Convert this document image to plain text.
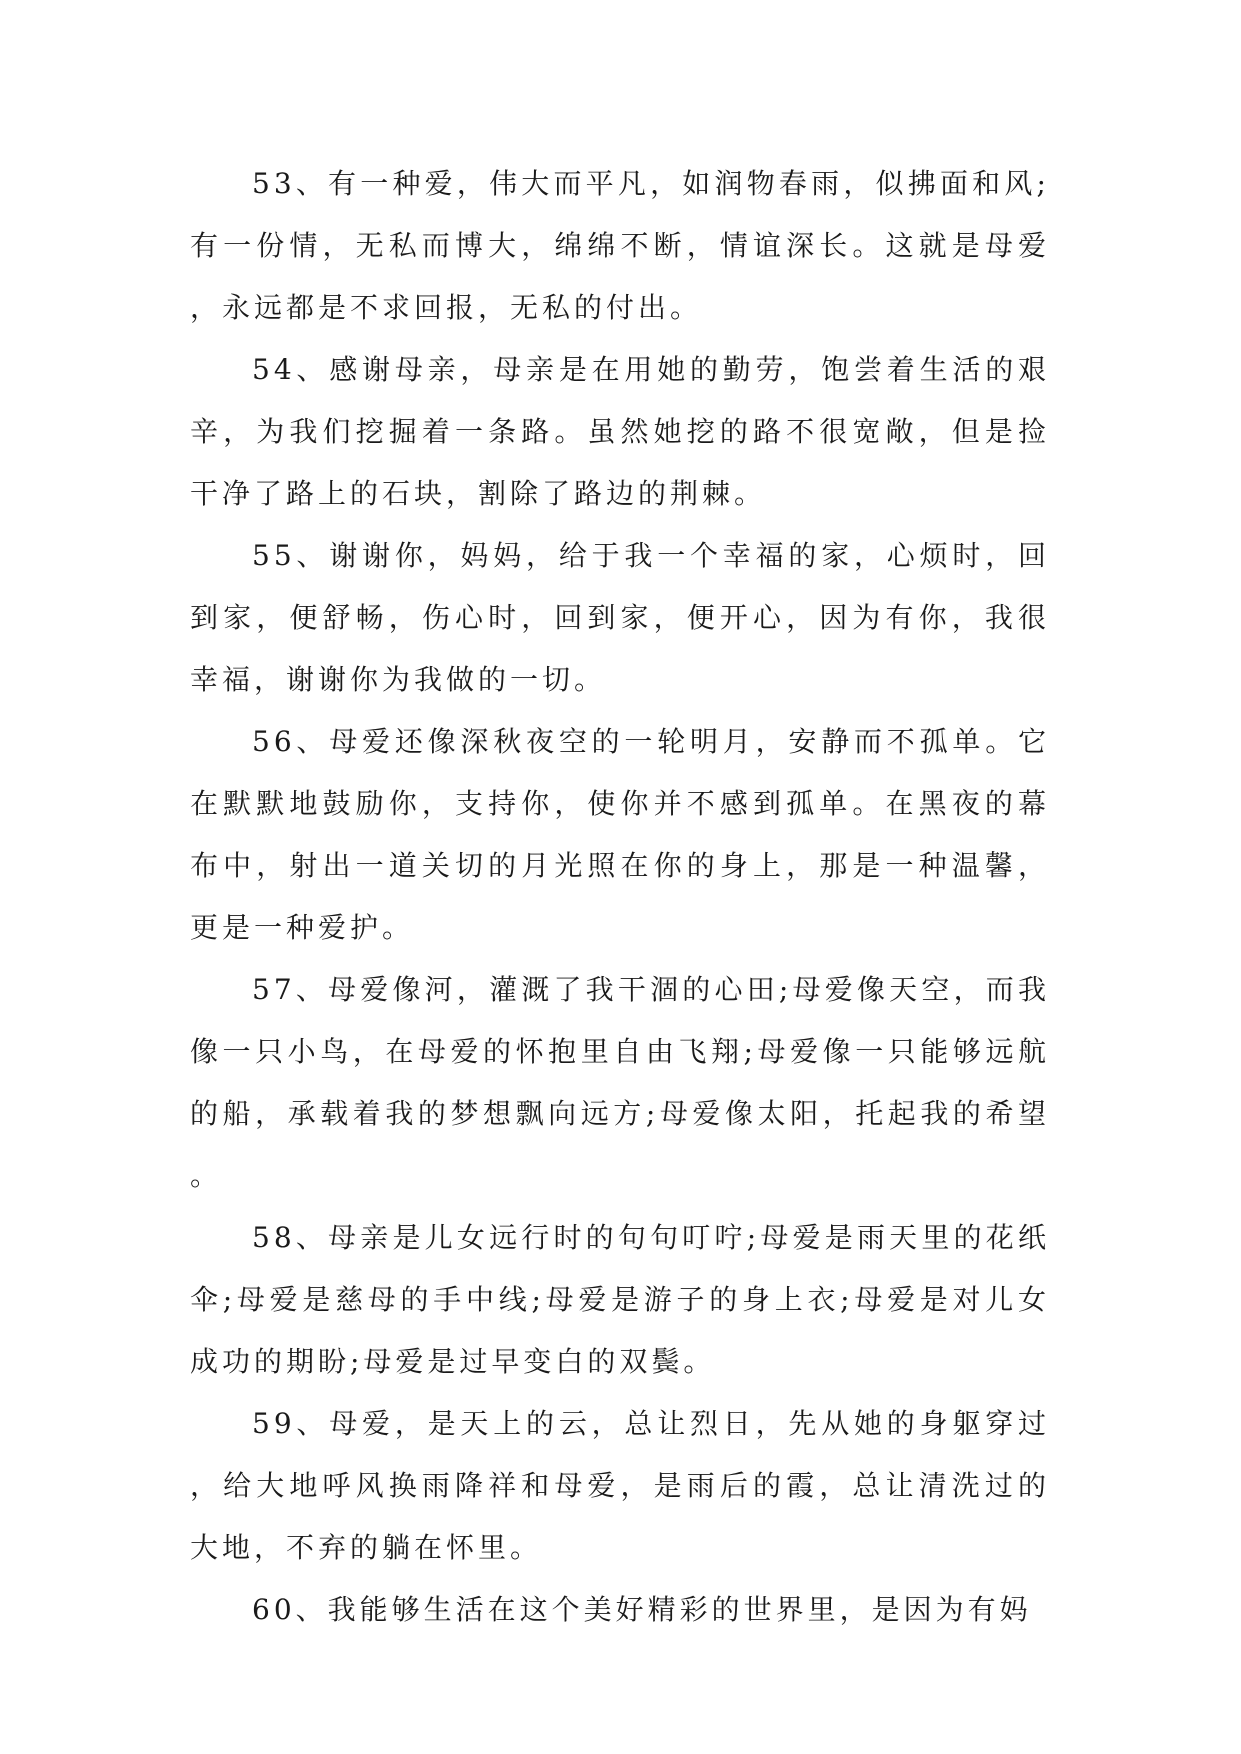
53、有一种爱，伟大而平凡，如润物春雨，似拂面和风;有一份情，无私而博大，绵绵不断，情谊深长。这就是母爱，永远都是不求回报，无私的付出。

54、感谢母亲，母亲是在用她的勤劳，饱尝着生活的艰辛，为我们挖掘着一条路。虽然她挖的路不很宽敞，但是捡干净了路上的石块，割除了路边的荆棘。

55、谢谢你，妈妈，给于我一个幸福的家，心烦时，回到家，便舒畅，伤心时，回到家，便开心，因为有你，我很幸福，谢谢你为我做的一切。

56、母爱还像深秋夜空的一轮明月，安静而不孤单。它在默默地鼓励你，支持你，使你并不感到孤单。在黑夜的幕布中，射出一道关切的月光照在你的身上，那是一种温馨，更是一种爱护。

57、母爱像河，灌溉了我干涸的心田;母爱像天空，而我像一只小鸟，在母爱的怀抱里自由飞翔;母爱像一只能够远航的船，承载着我的梦想飘向远方;母爱像太阳，托起我的希望。

58、母亲是儿女远行时的句句叮咛;母爱是雨天里的花纸伞;母爱是慈母的手中线;母爱是游子的身上衣;母爱是对儿女成功的期盼;母爱是过早变白的双鬓。

59、母爱，是天上的云，总让烈日，先从她的身躯穿过，给大地呼风换雨降祥和母爱，是雨后的霞，总让清洗过的大地，不弃的躺在怀里。

60、我能够生活在这个美好精彩的世界里，是因为有妈
